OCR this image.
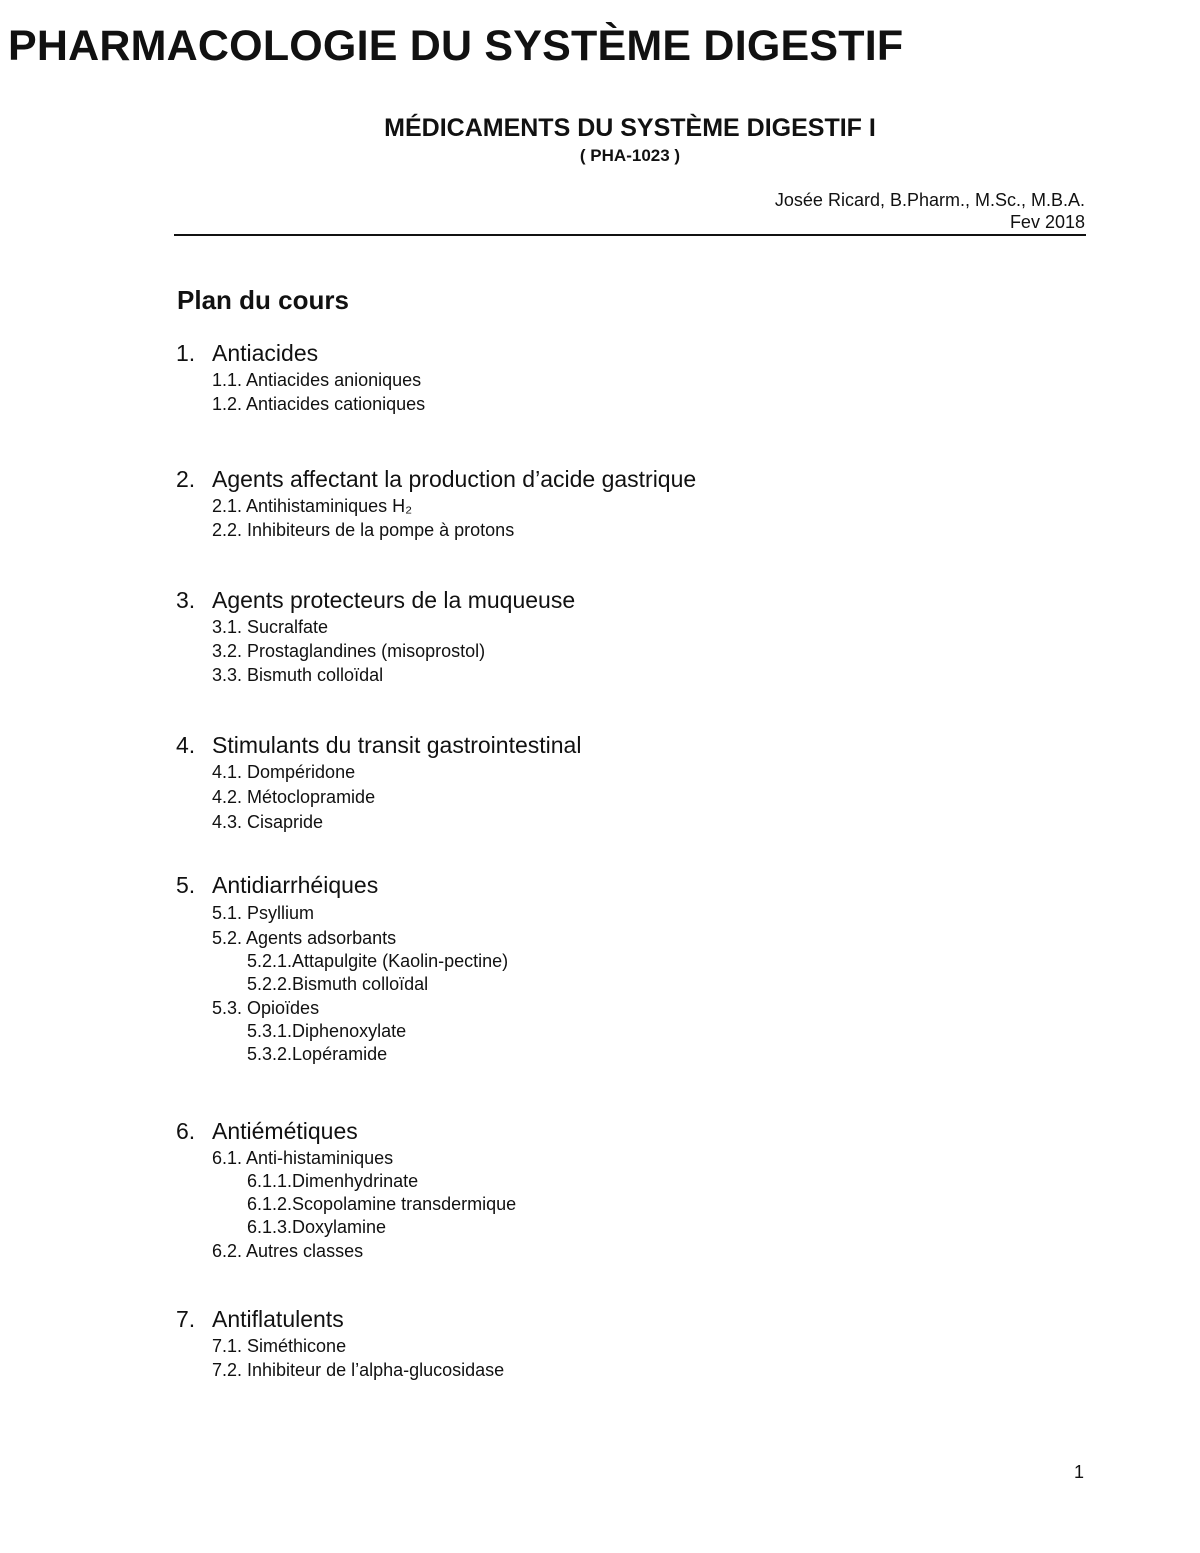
PHARMACOLOGIE DU SYSTÈME DIGESTIF
MÉDICAMENTS DU SYSTÈME DIGESTIF I
( PHA-1023 )
Josée Ricard, B.Pharm., M.Sc., M.B.A.
Fev 2018
Plan du cours
1. Antiacides
1.1. Antiacides anioniques
1.2. Antiacides cationiques
2. Agents affectant la production d’acide gastrique
2.1. Antihistaminiques H₂
2.2. Inhibiteurs de la pompe à protons
3. Agents protecteurs de la muqueuse
3.1. Sucralfate
3.2. Prostaglandines (misoprostol)
3.3. Bismuth colloïdal
4. Stimulants du transit gastrointestinal
4.1. Dompéridone
4.2. Métoclopramide
4.3. Cisapride
5. Antidiarrhéiques
5.1. Psyllium
5.2. Agents adsorbants
5.2.1.Attapulgite (Kaolin-pectine)
5.2.2.Bismuth colloïdal
5.3. Opioïdes
5.3.1.Diphenoxylate
5.3.2.Lopéramide
6. Antiémétiques
6.1. Anti-histaminiques
6.1.1.Dimenhydrinate
6.1.2.Scopolamine transdermique
6.1.3.Doxylamine
6.2. Autres classes
7. Antiflatulents
7.1. Siméthicone
7.2. Inhibiteur de l’alpha-glucosidase
1
